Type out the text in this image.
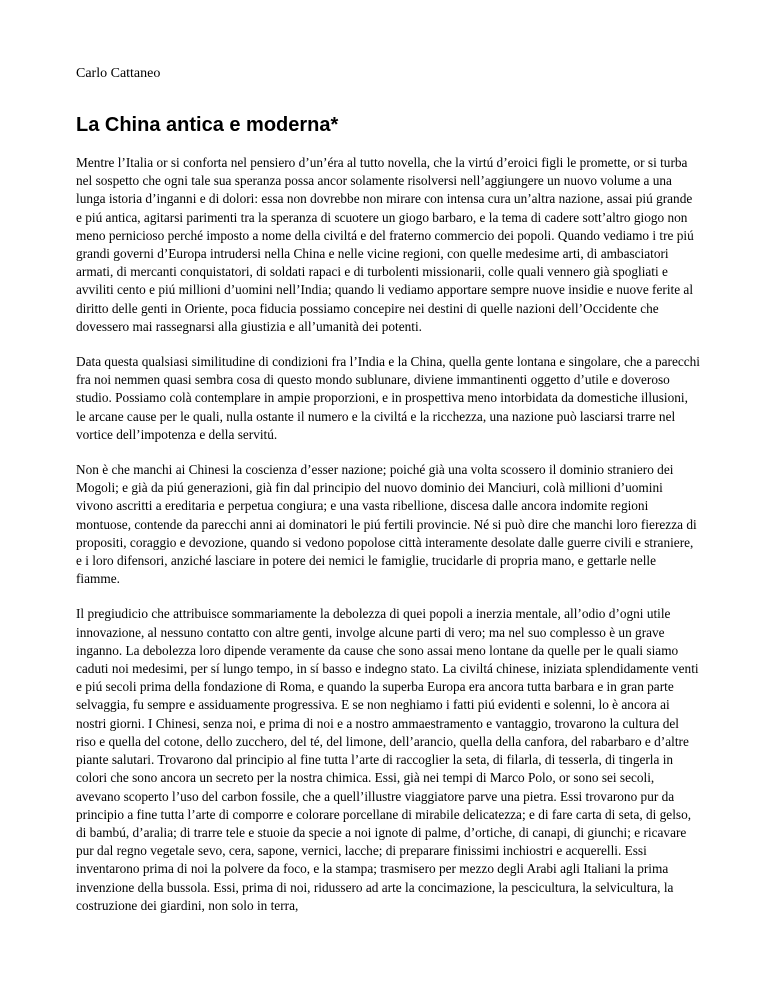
Carlo Cattaneo

La China antica e moderna*

Mentre l’Italia or si conforta nel pensiero d’un’éra al tutto novella, che la virtú d’eroici figli le promette, or si turba nel sospetto che ogni tale sua speranza possa ancor solamente risolversi nell’aggiungere un nuovo volume a una lunga istoria d’inganni e di dolori: essa non dovrebbe non mirare con intensa cura un’altra nazione, assai piú grande e piú antica, agitarsi parimenti tra la speranza di scuotere un giogo barbaro, e la tema di cadere sott’altro giogo non meno pernicioso perché imposto a nome della civiltá e del fraterno commercio dei popoli. Quando vediamo i tre piú grandi governi d’Europa intrudersi nella China e nelle vicine regioni, con quelle medesime arti, di ambasciatori armati, di mercanti conquistatori, di soldati rapaci e di turbolenti missionarii, colle quali vennero già spogliati e avviliti cento e piú millioni d’uomini nell’India; quando li vediamo apportare sempre nuove insidie e nuove ferite al diritto delle genti in Oriente, poca fiducia possiamo concepire nei destini di quelle nazioni dell’Occidente che dovessero mai rassegnarsi alla giustizia e all’umanità dei potenti.

Data questa qualsiasi similitudine di condizioni fra l’India e la China, quella gente lontana e singolare, che a parecchi fra noi nemmen quasi sembra cosa di questo mondo sublunare, diviene immantinenti oggetto d’utile e doveroso studio. Possiamo colà contemplare in ampie proporzioni, e in prospettiva meno intorbidata da domestiche illusioni, le arcane cause per le quali, nulla ostante il numero e la civiltá e la ricchezza, una nazione può lasciarsi trarre nel vortice dell’impotenza e della servitú.

Non è che manchi ai Chinesi la coscienza d’esser nazione; poiché già una volta scossero il dominio straniero dei Mogoli; e già da piú generazioni, già fin dal principio del nuovo dominio dei Manciuri, colà millioni d’uomini vivono ascritti a ereditaria e perpetua congiura; e una vasta ribellione, discesa dalle ancora indomite regioni montuose, contende da parecchi anni ai dominatori le piú fertili provincie. Né si può dire che manchi loro fierezza di propositi, coraggio e devozione, quando si vedono popolose città interamente desolate dalle guerre civili e straniere, e i loro difensori, anziché lasciare in potere dei nemici le famiglie, trucidarle di propria mano, e gettarle nelle fiamme.

Il pregiudicio che attribuisce sommariamente la debolezza di quei popoli a inerzia mentale, all’odio d’ogni utile innovazione, al nessuno contatto con altre genti, involge alcune parti di vero; ma nel suo complesso è un grave inganno. La debolezza loro dipende veramente da cause che sono assai meno lontane da quelle per le quali siamo caduti noi medesimi, per sí lungo tempo, in sí basso e indegno stato. La civiltá chinese, iniziata splendidamente venti e piú secoli prima della fondazione di Roma, e quando la superba Europa era ancora tutta barbara e in gran parte selvaggia, fu sempre e assiduamente progressiva. E se non neghiamo i fatti piú evidenti e solenni, lo è ancora ai nostri giorni. I Chinesi, senza noi, e prima di noi e a nostro ammaestramento e vantaggio, trovarono la cultura del riso e quella del cotone, dello zucchero, del té, del limone, dell’arancio, quella della canfora, del rabarbaro e d’altre piante salutari. Trovarono dal principio al fine tutta l’arte di raccoglier la seta, di filarla, di tesserla, di tingerla in colori che sono ancora un secreto per la nostra chimica. Essi, già nei tempi di Marco Polo, or sono sei secoli, avevano scoperto l’uso del carbon fossile, che a quell’illustre viaggiatore parve una pietra. Essi trovarono pur da principio a fine tutta l’arte di comporre e colorare porcellane di mirabile delicatezza; e di fare carta di seta, di gelso, di bambú, d’aralia; di trarre tele e stuoie da specie a noi ignote di palme, d’ortiche, di canapi, di giunchi; e ricavare pur dal regno vegetale sevo, cera, sapone, vernici, lacche; di preparare finissimi inchiostri e acquerelli. Essi inventarono prima di noi la polvere da foco, e la stampa; trasmisero per mezzo degli Arabi agli Italiani la prima invenzione della bussola. Essi, prima di noi, ridussero ad arte la concimazione, la pescicultura, la selvicultura, la costruzione dei giardini, non solo in terra,
